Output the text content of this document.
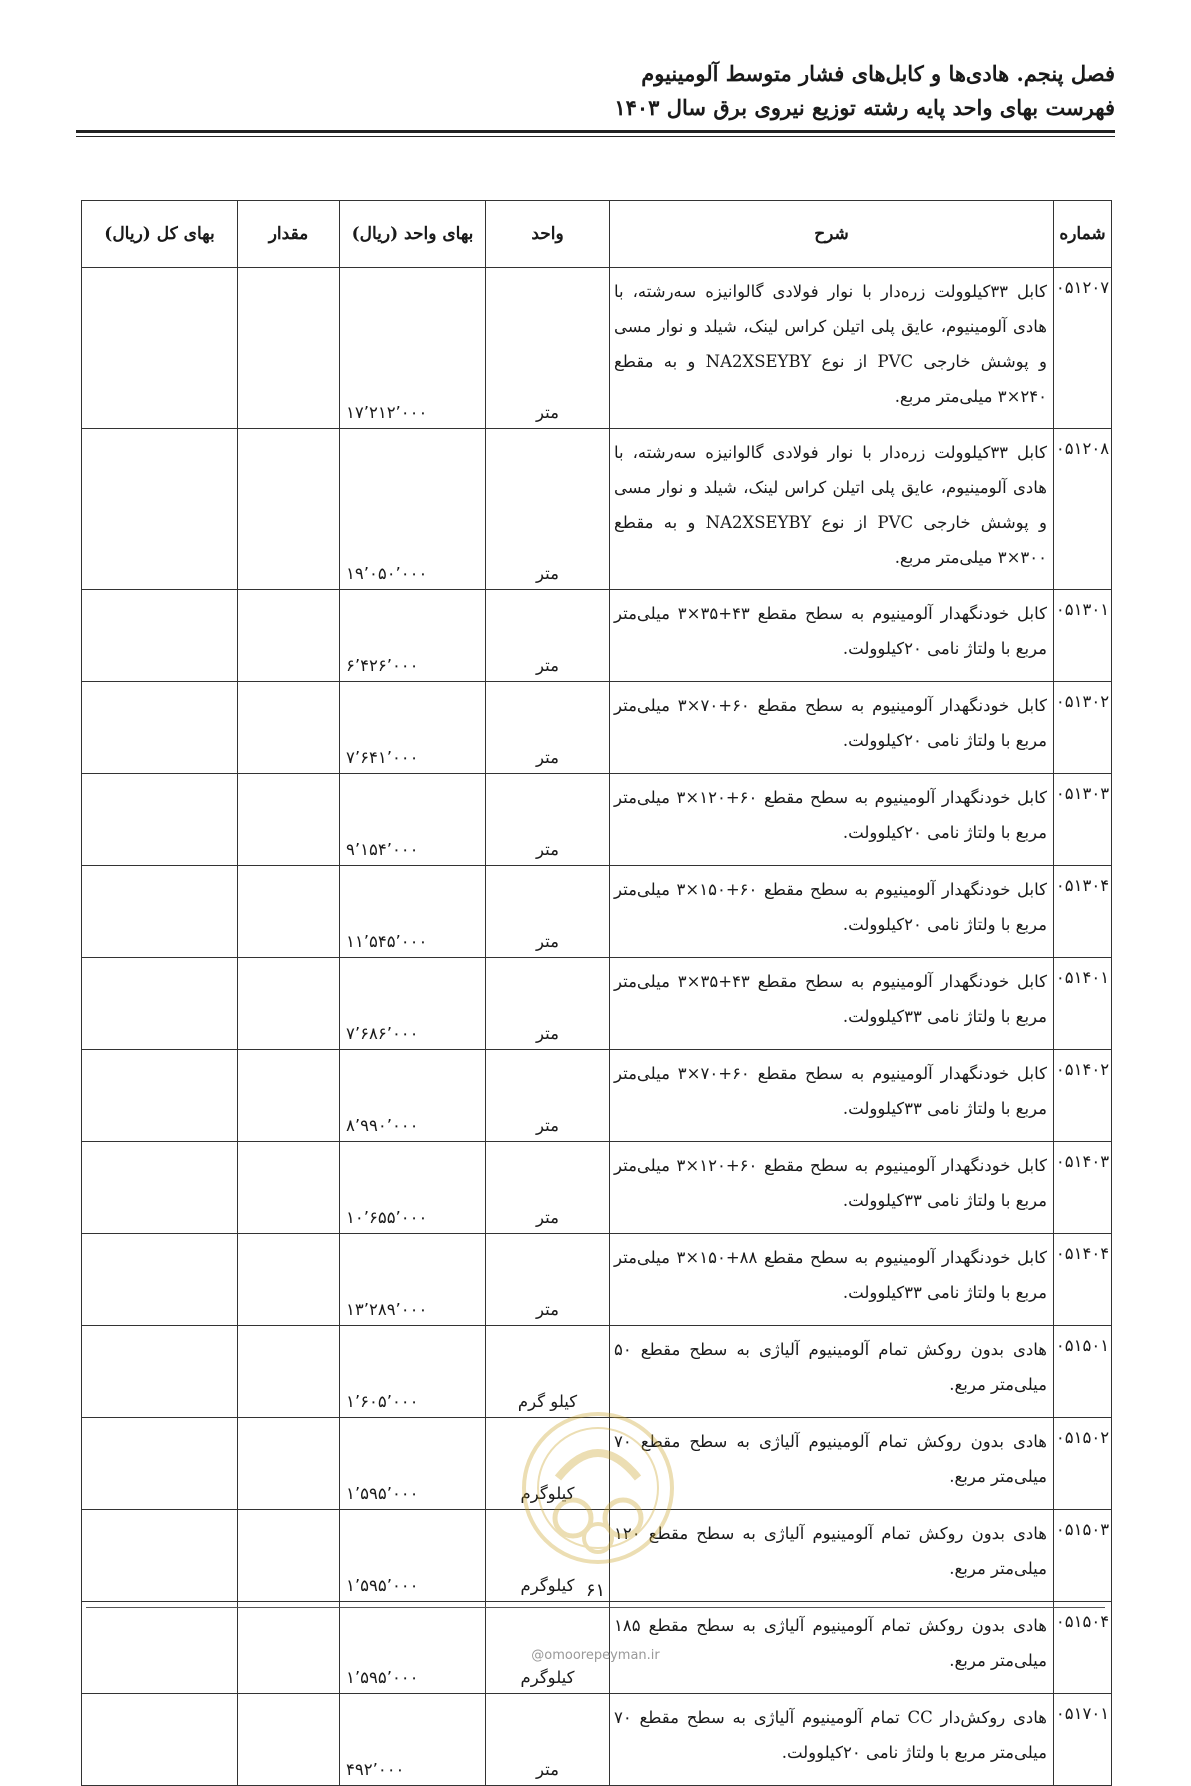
فصل پنجم. هادی‌ها و کابل‌های فشار متوسط آلومینیوم
فهرست بهای واحد پایه رشته توزیع نیروی برق سال ۱۴۰۳
شماره	شرح	واحد	بهای واحد (ریال)	مقدار	بهای کل (ریال)
۰۵۱۲۰۷	کابل ۳۳کیلوولت زره‌دار با نوار فولادی گالوانیزه سه‌رشته، با هادی آلومینیوم، عایق پلی اتیلن کراس لینک، شیلد و نوار مسی و پوشش خارجی PVC از نوع NA2XSEYBY و به مقطع ۲۴۰×۳ میلی‌متر مربع.	متر	۱۷٬۲۱۲٬۰۰۰		
۰۵۱۲۰۸	کابل ۳۳کیلوولت زره‌دار با نوار فولادی گالوانیزه سه‌رشته، با هادی آلومینیوم، عایق پلی اتیلن کراس لینک، شیلد و نوار مسی و پوشش خارجی PVC از نوع NA2XSEYBY و به مقطع ۳۰۰×۳ میلی‌متر مربع.	متر	۱۹٬۰۵۰٬۰۰۰		
۰۵۱۳۰۱	کابل خودنگهدار آلومینیوم به سطح مقطع ۴۳+۳۵×۳ میلی‌متر مربع با ولتاژ نامی ۲۰کیلوولت.	متر	۶٬۴۲۶٬۰۰۰		
۰۵۱۳۰۲	کابل خودنگهدار آلومینیوم به سطح مقطع ۶۰+۷۰×۳ میلی‌متر مربع با ولتاژ نامی ۲۰کیلوولت.	متر	۷٬۶۴۱٬۰۰۰		
۰۵۱۳۰۳	کابل خودنگهدار آلومینیوم به سطح مقطع ۶۰+۱۲۰×۳ میلی‌متر مربع با ولتاژ نامی ۲۰کیلوولت.	متر	۹٬۱۵۴٬۰۰۰		
۰۵۱۳۰۴	کابل خودنگهدار آلومینیوم به سطح مقطع ۶۰+۱۵۰×۳ میلی‌متر مربع با ولتاژ نامی ۲۰کیلوولت.	متر	۱۱٬۵۴۵٬۰۰۰		
۰۵۱۴۰۱	کابل خودنگهدار آلومینیوم به سطح مقطع ۴۳+۳۵×۳ میلی‌متر مربع با ولتاژ نامی ۳۳کیلوولت.	متر	۷٬۶۸۶٬۰۰۰		
۰۵۱۴۰۲	کابل خودنگهدار آلومینیوم به سطح مقطع ۶۰+۷۰×۳ میلی‌متر مربع با ولتاژ نامی ۳۳کیلوولت.	متر	۸٬۹۹۰٬۰۰۰		
۰۵۱۴۰۳	کابل خودنگهدار آلومینیوم به سطح مقطع ۶۰+۱۲۰×۳ میلی‌متر مربع با ولتاژ نامی ۳۳کیلوولت.	متر	۱۰٬۶۵۵٬۰۰۰		
۰۵۱۴۰۴	کابل خودنگهدار آلومینیوم به سطح مقطع ۸۸+۱۵۰×۳ میلی‌متر مربع با ولتاژ نامی ۳۳کیلوولت.	متر	۱۳٬۲۸۹٬۰۰۰		
۰۵۱۵۰۱	هادی بدون روکش تمام آلومینیوم آلیاژی به سطح مقطع ۵۰ میلی‌متر مربع.	کیلو گرم	۱٬۶۰۵٬۰۰۰		
۰۵۱۵۰۲	هادی بدون روکش تمام آلومینیوم آلیاژی به سطح مقطع ۷۰ میلی‌متر مربع.	کیلوگرم	۱٬۵۹۵٬۰۰۰		
۰۵۱۵۰۳	هادی بدون روکش تمام آلومینیوم آلیاژی به سطح مقطع ۱۲۰ میلی‌متر مربع.	کیلوگرم	۱٬۵۹۵٬۰۰۰		
۰۵۱۵۰۴	هادی بدون روکش تمام آلومینیوم آلیاژی به سطح مقطع ۱۸۵ میلی‌متر مربع.	کیلوگرم	۱٬۵۹۵٬۰۰۰		
۰۵۱۷۰۱	هادی روکش‌دار CC تمام آلومینیوم آلیاژی به سطح مقطع ۷۰ میلی‌متر مربع با ولتاژ نامی ۲۰کیلوولت.	متر	۴۹۲٬۰۰۰		
۶۱
@omoorepeyman.ir
